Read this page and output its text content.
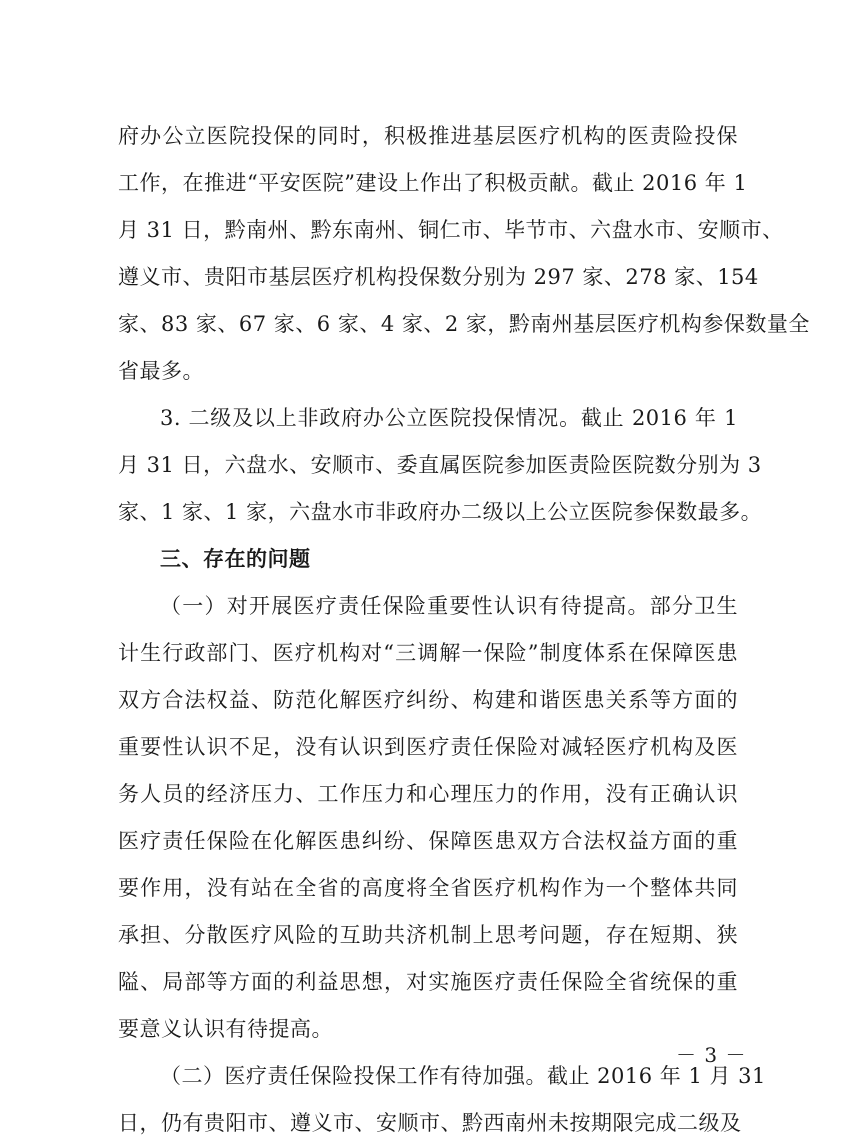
府办公立医院投保的同时，积极推进基层医疗机构的医责险投保
工作，在推进“平安医院”建设上作出了积极贡献。截止 2016 年 1
月 31 日，黔南州、黔东南州、铜仁市、毕节市、六盘水市、安顺市、
遵义市、贵阳市基层医疗机构投保数分别为 297 家、278 家、154
家、83 家、67 家、6 家、4 家、2 家，黔南州基层医疗机构参保数量全
省最多。
3. 二级及以上非政府办公立医院投保情况。截止 2016 年 1
月 31 日，六盘水、安顺市、委直属医院参加医责险医院数分别为 3
家、1 家、1 家，六盘水市非政府办二级以上公立医院参保数最多。
三、存在的问题
（一）对开展医疗责任保险重要性认识有待提高。部分卫生
计生行政部门、医疗机构对“三调解一保险”制度体系在保障医患
双方合法权益、防范化解医疗纠纷、构建和谐医患关系等方面的
重要性认识不足，没有认识到医疗责任保险对减轻医疗机构及医
务人员的经济压力、工作压力和心理压力的作用，没有正确认识
医疗责任保险在化解医患纠纷、保障医患双方合法权益方面的重
要作用，没有站在全省的高度将全省医疗机构作为一个整体共同
承担、分散医疗风险的互助共济机制上思考问题，存在短期、狭
隘、局部等方面的利益思想，对实施医疗责任保险全省统保的重
要意义认识有待提高。
（二）医疗责任保险投保工作有待加强。截止 2016 年 1 月 31
日，仍有贵阳市、遵义市、安顺市、黔西南州未按期限完成二级及
－ 3 －
